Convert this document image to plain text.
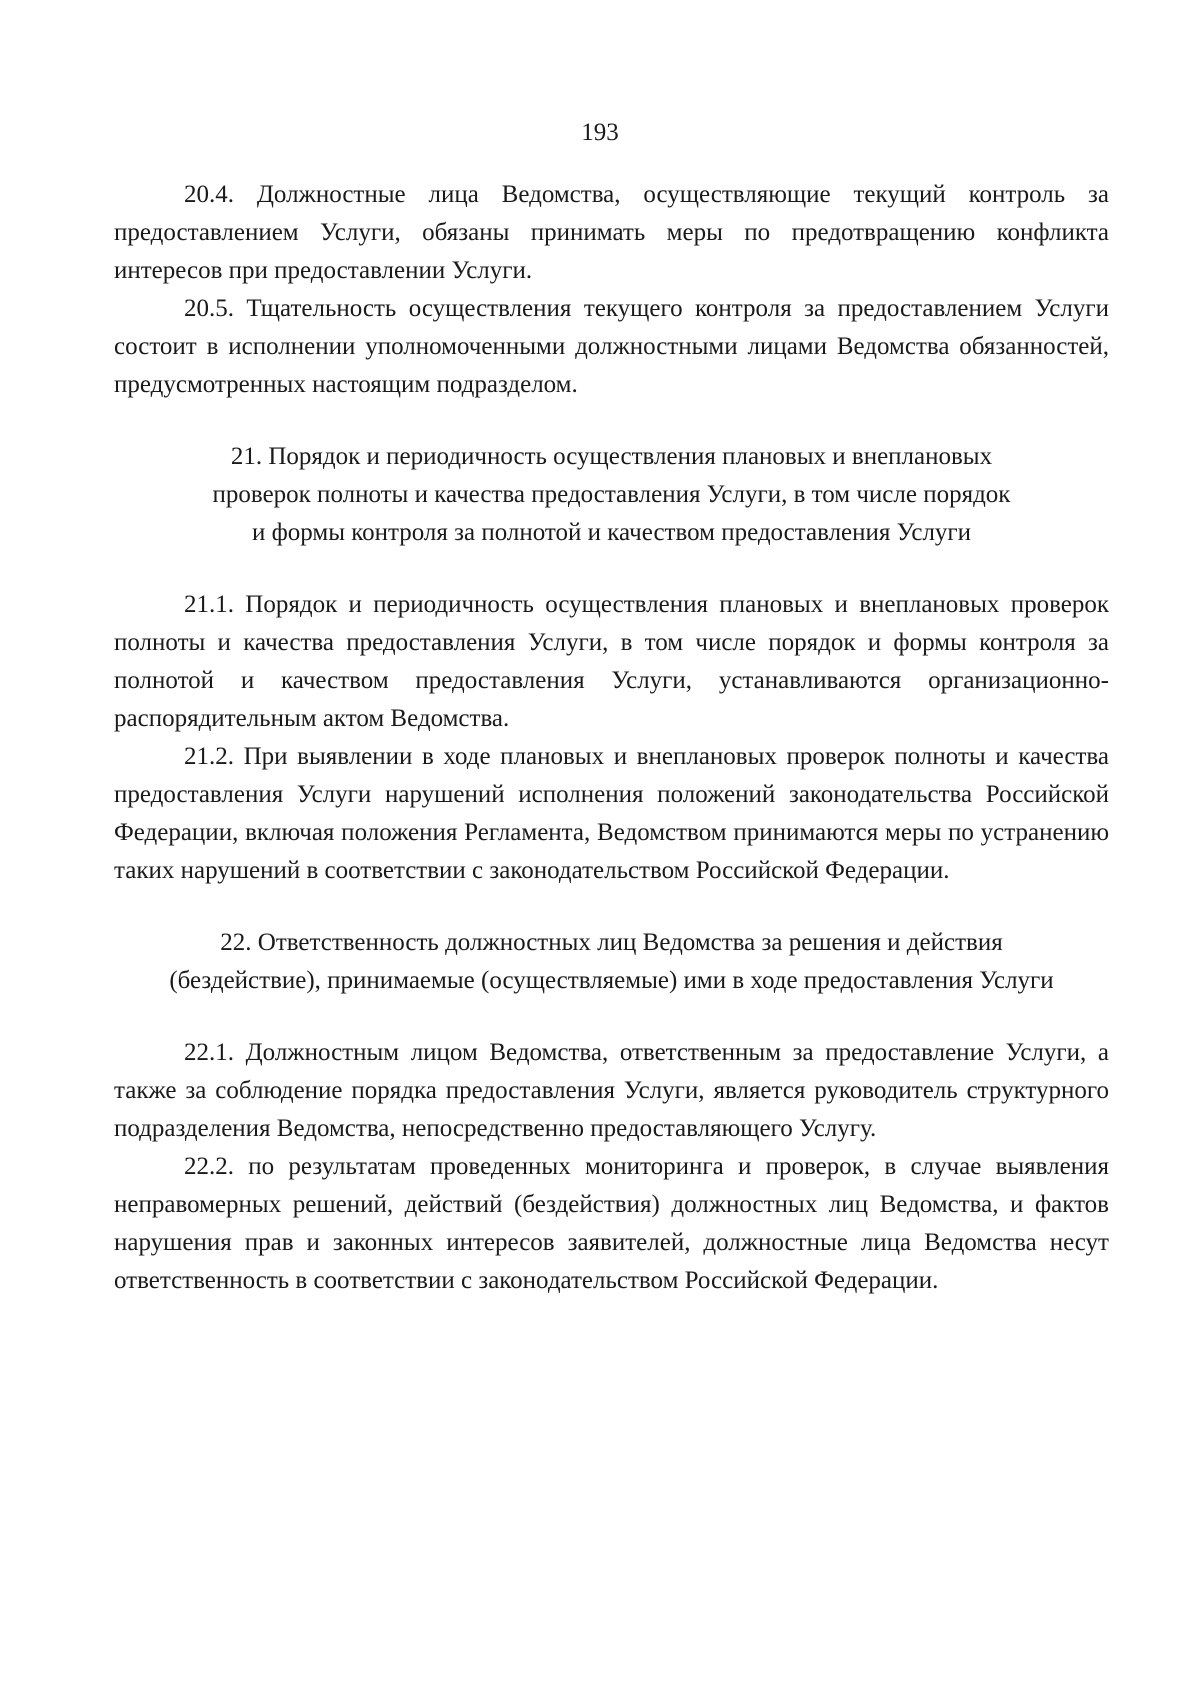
193

20.4. Должностные лица Ведомства, осуществляющие текущий контроль за предоставлением Услуги, обязаны принимать меры по предотвращению конфликта интересов при предоставлении Услуги.

20.5. Тщательность осуществления текущего контроля за предоставлением Услуги состоит в исполнении уполномоченными должностными лицами Ведомства обязанностей, предусмотренных настоящим подразделом.

21. Порядок и периодичность осуществления плановых и внеплановых
проверок полноты и качества предоставления Услуги, в том числе порядок
и формы контроля за полнотой и качеством предоставления Услуги

21.1. Порядок и периодичность осуществления плановых и внеплановых проверок полноты и качества предоставления Услуги, в том числе порядок и формы контроля за полнотой и качеством предоставления Услуги, устанавливаются организационно-распорядительным актом Ведомства.

21.2. При выявлении в ходе плановых и внеплановых проверок полноты и качества предоставления Услуги нарушений исполнения положений законодательства Российской Федерации, включая положения Регламента, Ведомством принимаются меры по устранению таких нарушений в соответствии с законодательством Российской Федерации.

22. Ответственность должностных лиц Ведомства за решения и действия
(бездействие), принимаемые (осуществляемые) ими в ходе предоставления Услуги

22.1. Должностным лицом Ведомства, ответственным за предоставление Услуги, а также за соблюдение порядка предоставления Услуги, является руководитель структурного подразделения Ведомства, непосредственно предоставляющего Услугу.

22.2. по результатам проведенных мониторинга и проверок, в случае выявления неправомерных решений, действий (бездействия) должностных лиц Ведомства, и фактов нарушения прав и законных интересов заявителей, должностные лица Ведомства несут ответственность в соответствии с законодательством Российской Федерации.
